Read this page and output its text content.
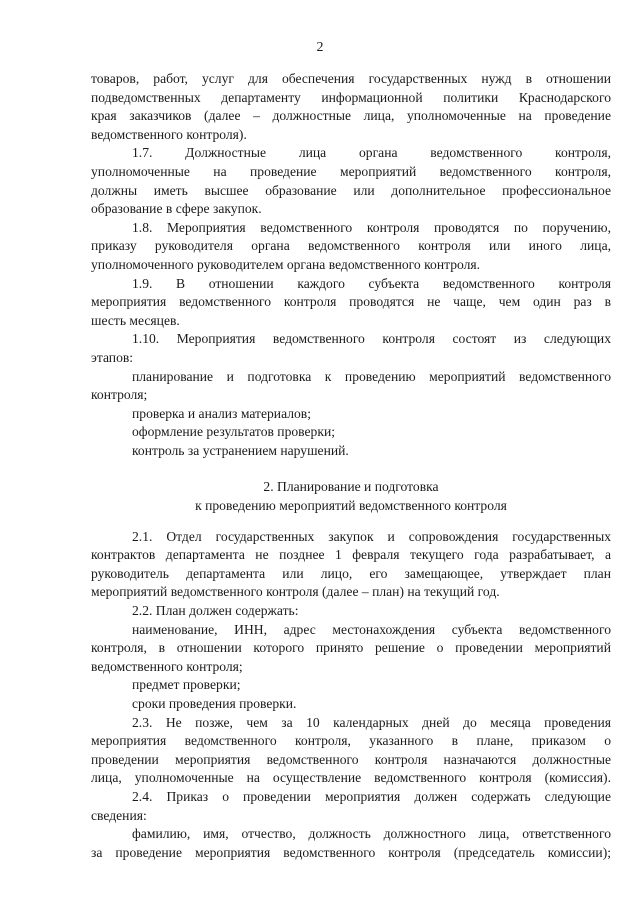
2
товаров, работ, услуг для обеспечения государственных нужд в отношении
подведомственных департаменту информационной политики Краснодарского
края заказчиков (далее – должностные лица, уполномоченные на проведение
ведомственного контроля).
1.7. Должностные лица органа ведомственного контроля,
уполномоченные на проведение мероприятий ведомственного контроля,
должны иметь высшее образование или дополнительное профессиональное
образование в сфере закупок.
1.8. Мероприятия ведомственного контроля проводятся по поручению,
приказу руководителя органа ведомственного контроля или иного лица,
уполномоченного руководителем органа ведомственного контроля.
1.9. В отношении каждого субъекта ведомственного контроля
мероприятия ведомственного контроля проводятся не чаще, чем один раз в
шесть месяцев.
1.10. Мероприятия ведомственного контроля состоят из следующих
этапов:
планирование и подготовка к проведению мероприятий ведомственного
контроля;
проверка и анализ материалов;
оформление результатов проверки;
контроль за устранением нарушений.
2. Планирование и подготовка
к проведению мероприятий ведомственного контроля
2.1. Отдел государственных закупок и сопровождения государственных
контрактов департамента не позднее 1 февраля текущего года разрабатывает, а
руководитель департамента или лицо, его замещающее, утверждает план
мероприятий ведомственного контроля (далее – план) на текущий год.
2.2. План должен содержать:
наименование, ИНН, адрес местонахождения субъекта ведомственного
контроля, в отношении которого принято решение о проведении мероприятий
ведомственного контроля;
предмет проверки;
сроки проведения проверки.
2.3. Не позже, чем за 10 календарных дней до месяца проведения
мероприятия ведомственного контроля, указанного в плане, приказом о
проведении мероприятия ведомственного контроля назначаются должностные
лица, уполномоченные на осуществление ведомственного контроля (комиссия).
2.4. Приказ о проведении мероприятия должен содержать следующие
сведения:
фамилию, имя, отчество, должность должностного лица, ответственного
за проведение мероприятия ведомственного контроля (председатель комиссии);
